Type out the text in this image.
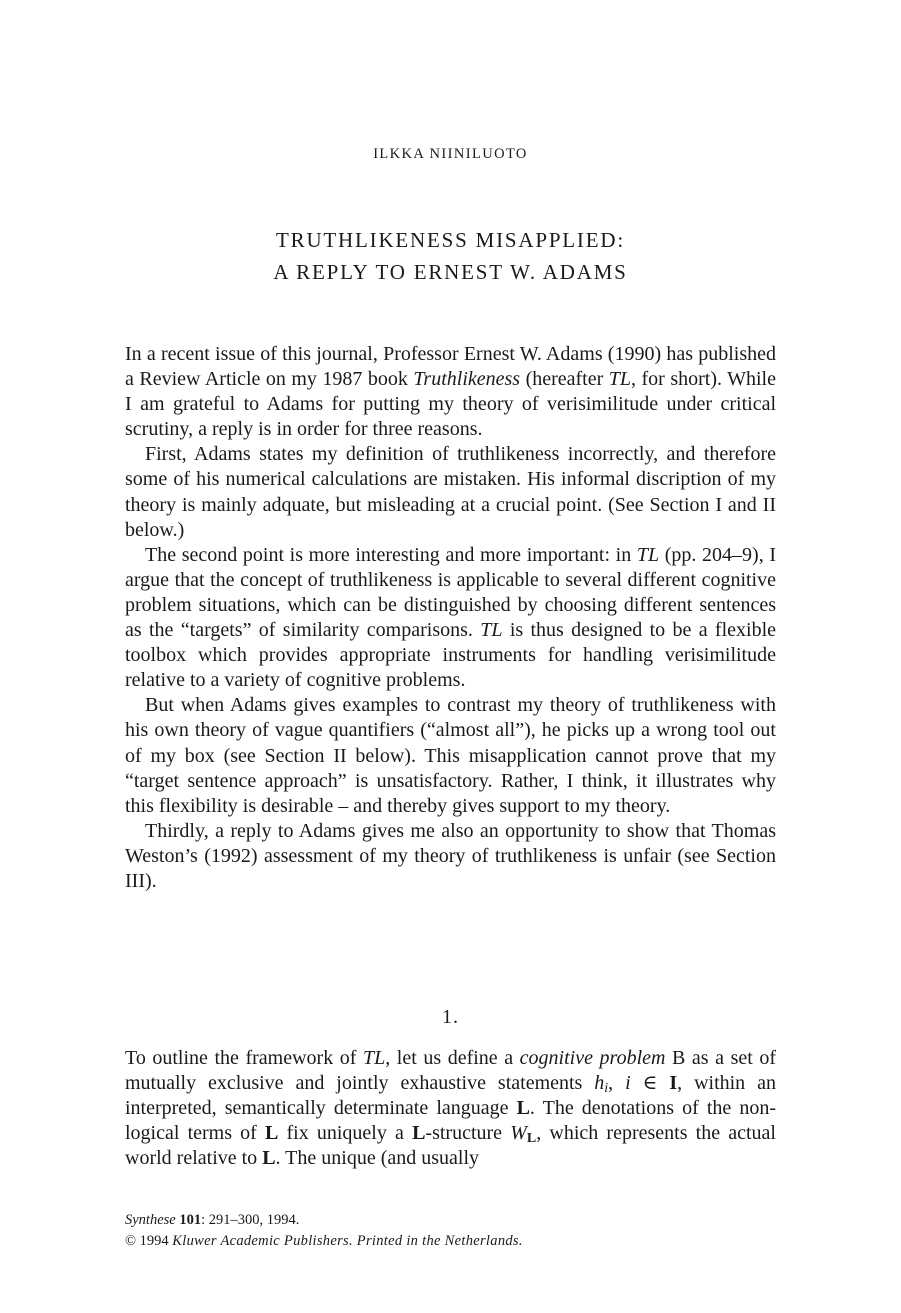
ILKKA NIINILUOTO
TRUTHLIKENESS MISAPPLIED:
A REPLY TO ERNEST W. ADAMS

In a recent issue of this journal, Professor Ernest W. Adams (1990) has published a Review Article on my 1987 book Truthlikeness (hereafter TL, for short). While I am grateful to Adams for putting my theory of verisimilitude under critical scrutiny, a reply is in order for three reasons.

First, Adams states my definition of truthlikeness incorrectly, and therefore some of his numerical calculations are mistaken. His informal discription of my theory is mainly adquate, but misleading at a crucial point. (See Section I and II below.)

The second point is more interesting and more important: in TL (pp. 204–9), I argue that the concept of truthlikeness is applicable to several different cognitive problem situations, which can be distinguished by choosing different sentences as the “targets” of similarity comparisons. TL is thus designed to be a flexible toolbox which provides appropriate instruments for handling verisimilitude relative to a variety of cognitive problems.

But when Adams gives examples to contrast my theory of truthlikeness with his own theory of vague quantifiers (“almost all”), he picks up a wrong tool out of my box (see Section II below). This misapplication cannot prove that my “target sentence approach” is unsatisfactory. Rather, I think, it illustrates why this flexibility is desirable – and thereby gives support to my theory.

Thirdly, a reply to Adams gives me also an opportunity to show that Thomas Weston’s (1992) assessment of my theory of truthlikeness is unfair (see Section III).

1.

To outline the framework of TL, let us define a cognitive problem B as a set of mutually exclusive and jointly exhaustive statements $h_i$, i ∈ I, within an interpreted, semantically determinate language L. The denotations of the non-logical terms of L fix uniquely a L-structure $W_L$, which represents the actual world relative to L. The unique (and usually

Synthese 101: 291–300, 1994.
© 1994 Kluwer Academic Publishers. Printed in the Netherlands.
